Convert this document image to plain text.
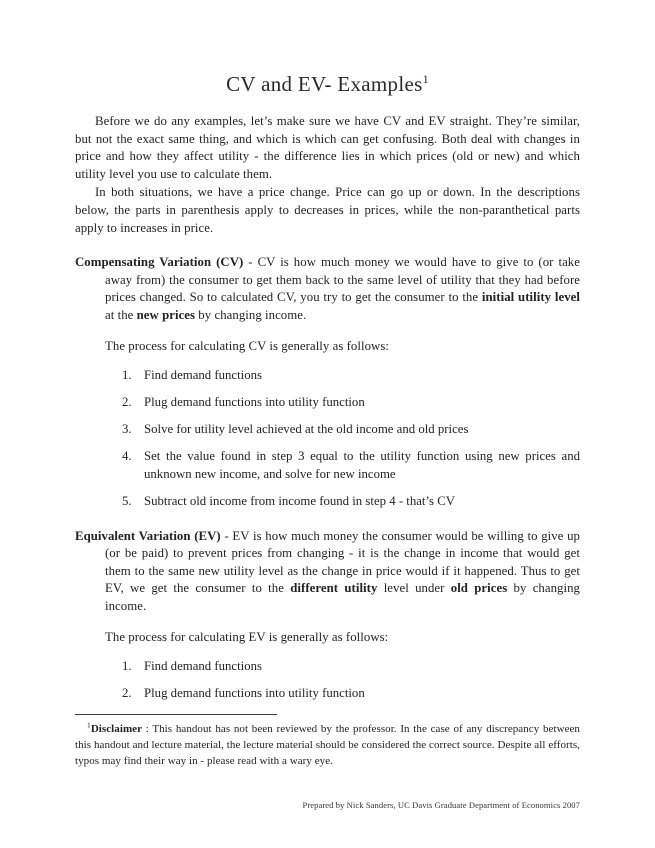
CV and EV- Examples$^1$

Before we do any examples, let’s make sure we have CV and EV straight. They’re similar, but not the exact same thing, and which is which can get confusing. Both deal with changes in price and how they affect utility - the difference lies in which prices (old or new) and which utility level you use to calculate them.

In both situations, we have a price change. Price can go up or down. In the descriptions below, the parts in parenthesis apply to decreases in prices, while the non-paranthetical parts apply to increases in price.

Compensating Variation (CV) - CV is how much money we would have to give to (or take away from) the consumer to get them back to the same level of utility that they had before prices changed. So to calculated CV, you try to get the consumer to the initial utility level at the new prices by changing income.

The process for calculating CV is generally as follows:

1. Find demand functions
2. Plug demand functions into utility function
3. Solve for utility level achieved at the old income and old prices
4. Set the value found in step 3 equal to the utility function using new prices and unknown new income, and solve for new income
5. Subtract old income from income found in step 4 - that’s CV
Equivalent Variation (EV) - EV is how much money the consumer would be willing to give up (or be paid) to prevent prices from changing - it is the change in income that would get them to the same new utility level as the change in price would if it happened. Thus to get EV, we get the consumer to the different utility level under old prices by changing income.

The process for calculating EV is generally as follows:

1. Find demand functions
2. Plug demand functions into utility function

$^1$Disclaimer : This handout has not been reviewed by the professor. In the case of any discrepancy between this handout and lecture material, the lecture material should be considered the correct source. Despite all efforts, typos may find their way in - please read with a wary eye.

Prepared by Nick Sanders, UC Davis Graduate Department of Economics 2007
